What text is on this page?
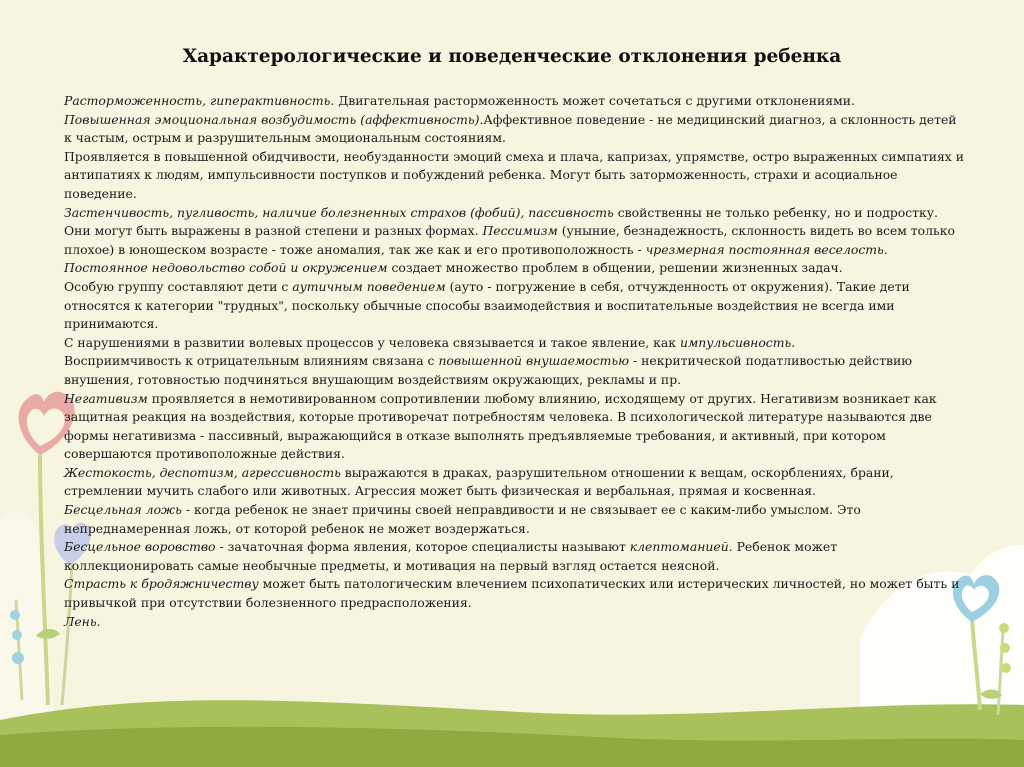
Характерологические и поведенческие отклонения ребенка

Расторможенность, гиперактивность. Двигательная расторможенность может сочетаться с другими отклонениями.

Повышенная эмоциональная возбудимость (аффективность).Аффективное поведение - не медицинский диагноз, а склонность детей к частым, острым и разрушительным эмоциональным состояниям.

Проявляется в повышенной обидчивости, необузданности эмоций смеха и плача, капризах, упрямстве, остро выраженных симпатиях и антипатиях к людям, импульсивности поступков и побуждений ребенка. Могут быть заторможенность, страхи и асоциальное поведение.

Застенчивость, пугливость, наличие болезненных страхов (фобий), пассивность свойственны не только ребенку, но и подростку. Они могут быть выражены в разной степени и разных формах. Пессимизм (уныние, безнадежность, склонность видеть во всем только плохое) в юношеском возрасте - тоже аномалия, так же как и его противоположность - чрезмерная постоянная веселость. Постоянное недовольство собой и окружением создает множество проблем в общении, решении жизненных задач.

Особую группу составляют дети с аутичным поведением (ауто - погружение в себя, отчужденность от окружения). Такие дети относятся к категории "трудных", поскольку обычные способы взаимодействия и воспитательные воздействия не всегда ими принимаются.

С нарушениями в развитии волевых процессов у человека связывается и такое явление, как импульсивность.

Восприимчивость к отрицательным влияниям связана с повышенной внушаемостью - некритической податливостью действию внушения, готовностью подчиняться внушающим воздействиям окружающих, рекламы и пр.

Негативизм проявляется в немотивированном сопротивлении любому влиянию, исходящему от других. Негативизм возникает как защитная реакция на воздействия, которые противоречат потребностям человека. В психологической литературе называются две формы негативизма - пассивный, выражающийся в отказе выполнять предъявляемые требования, и активный, при котором совершаются противоположные действия.

Жестокость, деспотизм, агрессивность выражаются в драках, разрушительном отношении к вещам, оскорблениях, брани, стремлении мучить слабого или животных. Агрессия может быть физическая и вербальная, прямая и косвенная.

Бесцельная ложь - когда ребенок не знает причины своей неправдивости и не связывает ее с каким-либо умыслом. Это непреднамеренная ложь, от которой ребенок не может воздержаться.

Бесцельное воровство - зачаточная форма явления, которое специалисты называют клептоманией. Ребенок может коллекционировать самые необычные предметы, и мотивация на первый взгляд остается неясной.

Страсть к бродяжничеству может быть патологическим влечением психопатических или истерических личностей, но может быть и привычкой при отсутствии болезненного предрасположения.

Лень.
